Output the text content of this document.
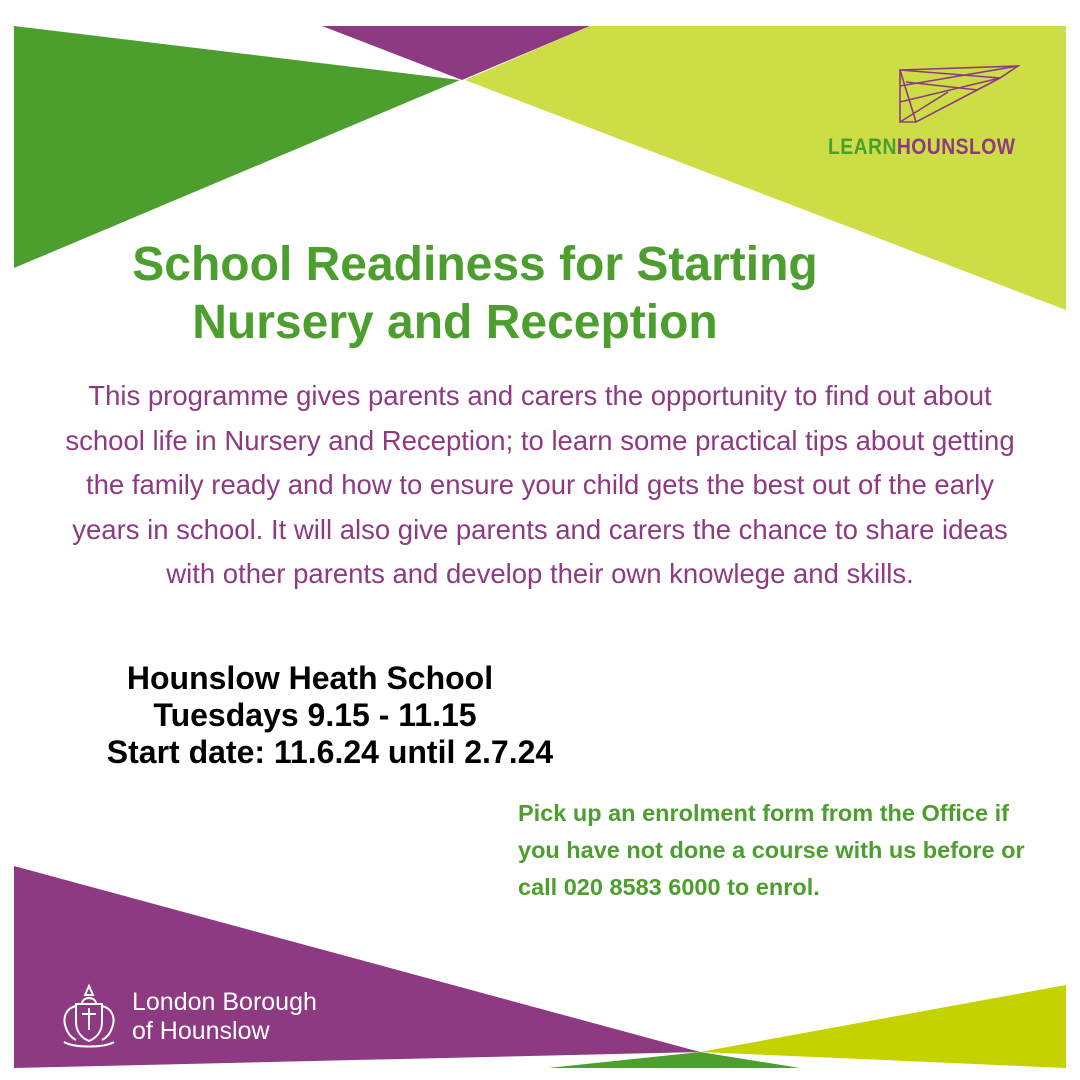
School Readiness for Starting
Nursery and Reception

This programme gives parents and carers the opportunity to find out about school life in Nursery and Reception; to learn some practical tips about getting the family ready and how to ensure your child gets the best out of the early years in school. It will also give parents and carers the chance to share ideas with other parents and develop their own knowlege and skills.

Hounslow Heath School
Tuesdays 9.15 - 11.15
Start date: 11.6.24 until 2.7.24

Pick up an enrolment form from the Office if you have not done a course with us before or call 020 8583 6000 to enrol.

LEARNHOUNSLOW
London Borough
of Hounslow
